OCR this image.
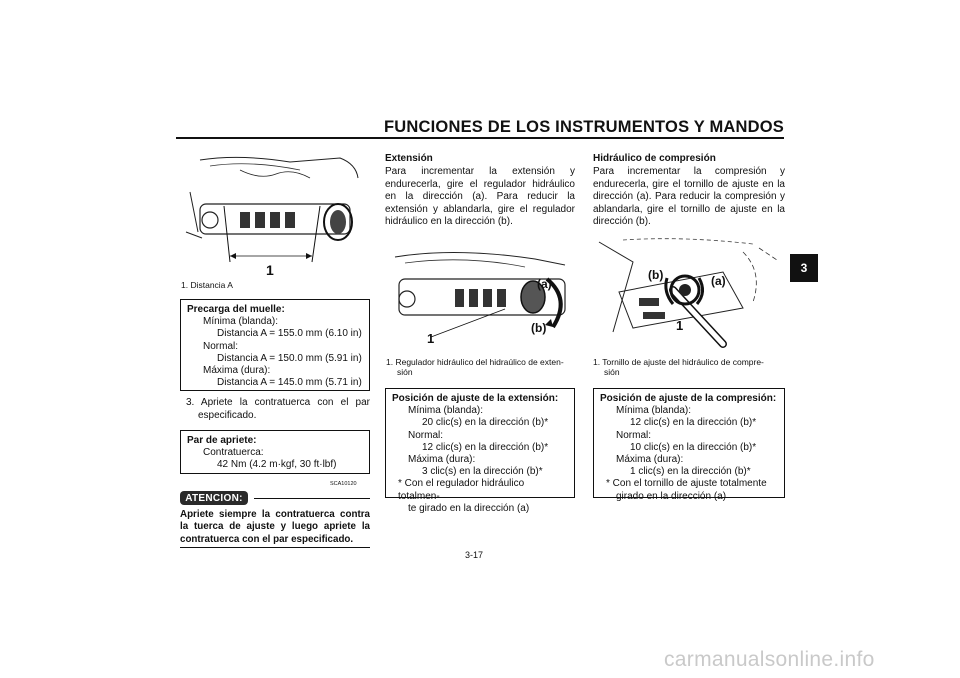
FUNCIONES DE LOS INSTRUMENTOS Y MANDOS
3
1
1. Distancia A
Precarga del muelle:
Mínima (blanda):
Distancia A = 155.0 mm (6.10 in)
Normal:
Distancia A = 150.0 mm (5.91 in)
Máxima (dura):
Distancia A = 145.0 mm (5.71 in)
3. Apriete la contratuerca con el par especificado.
Par de apriete:
Contratuerca:
42 Nm (4.2 m·kgf, 30 ft·lbf)
SCA10120
ATENCION:
Apriete siempre la contratuerca contra la tuerca de ajuste y luego apriete la contratuerca con el par especificado.
Extensión
Para incrementar la extensión y endurecerla, gire el regulador hidráulico en la dirección (a). Para reducir la extensión y ablandarla, gire el regulador hidráulico en la dirección (b).
(a)
(b)
1
1. Regulador hidráulico del hidraúlico de exten-
sión
Posición de ajuste de la extensión:
Mínima (blanda):
20 clic(s) en la dirección (b)*
Normal:
12 clic(s) en la dirección (b)*
Máxima (dura):
3 clic(s) en la dirección (b)*
* Con el regulador hidráulico totalmen-
te girado en la dirección (a)
Hidráulico de compresión
Para incrementar la compresión y endurecerla, gire el tornillo de ajuste en la dirección (a). Para reducir la compresión y ablandarla, gire el tornillo de ajuste en la dirección (b).
(b)	(a)
1
1. Tornillo de ajuste del hidráulico de compre-
sión
Posición de ajuste de la compresión:
Mínima (blanda):
12 clic(s) en la dirección (b)*
Normal:
10 clic(s) en la dirección (b)*
Máxima (dura):
1 clic(s) en la dirección (b)*
* Con el tornillo de ajuste totalmente
girado en la dirección (a)
3-17
carmanualsonline.info
